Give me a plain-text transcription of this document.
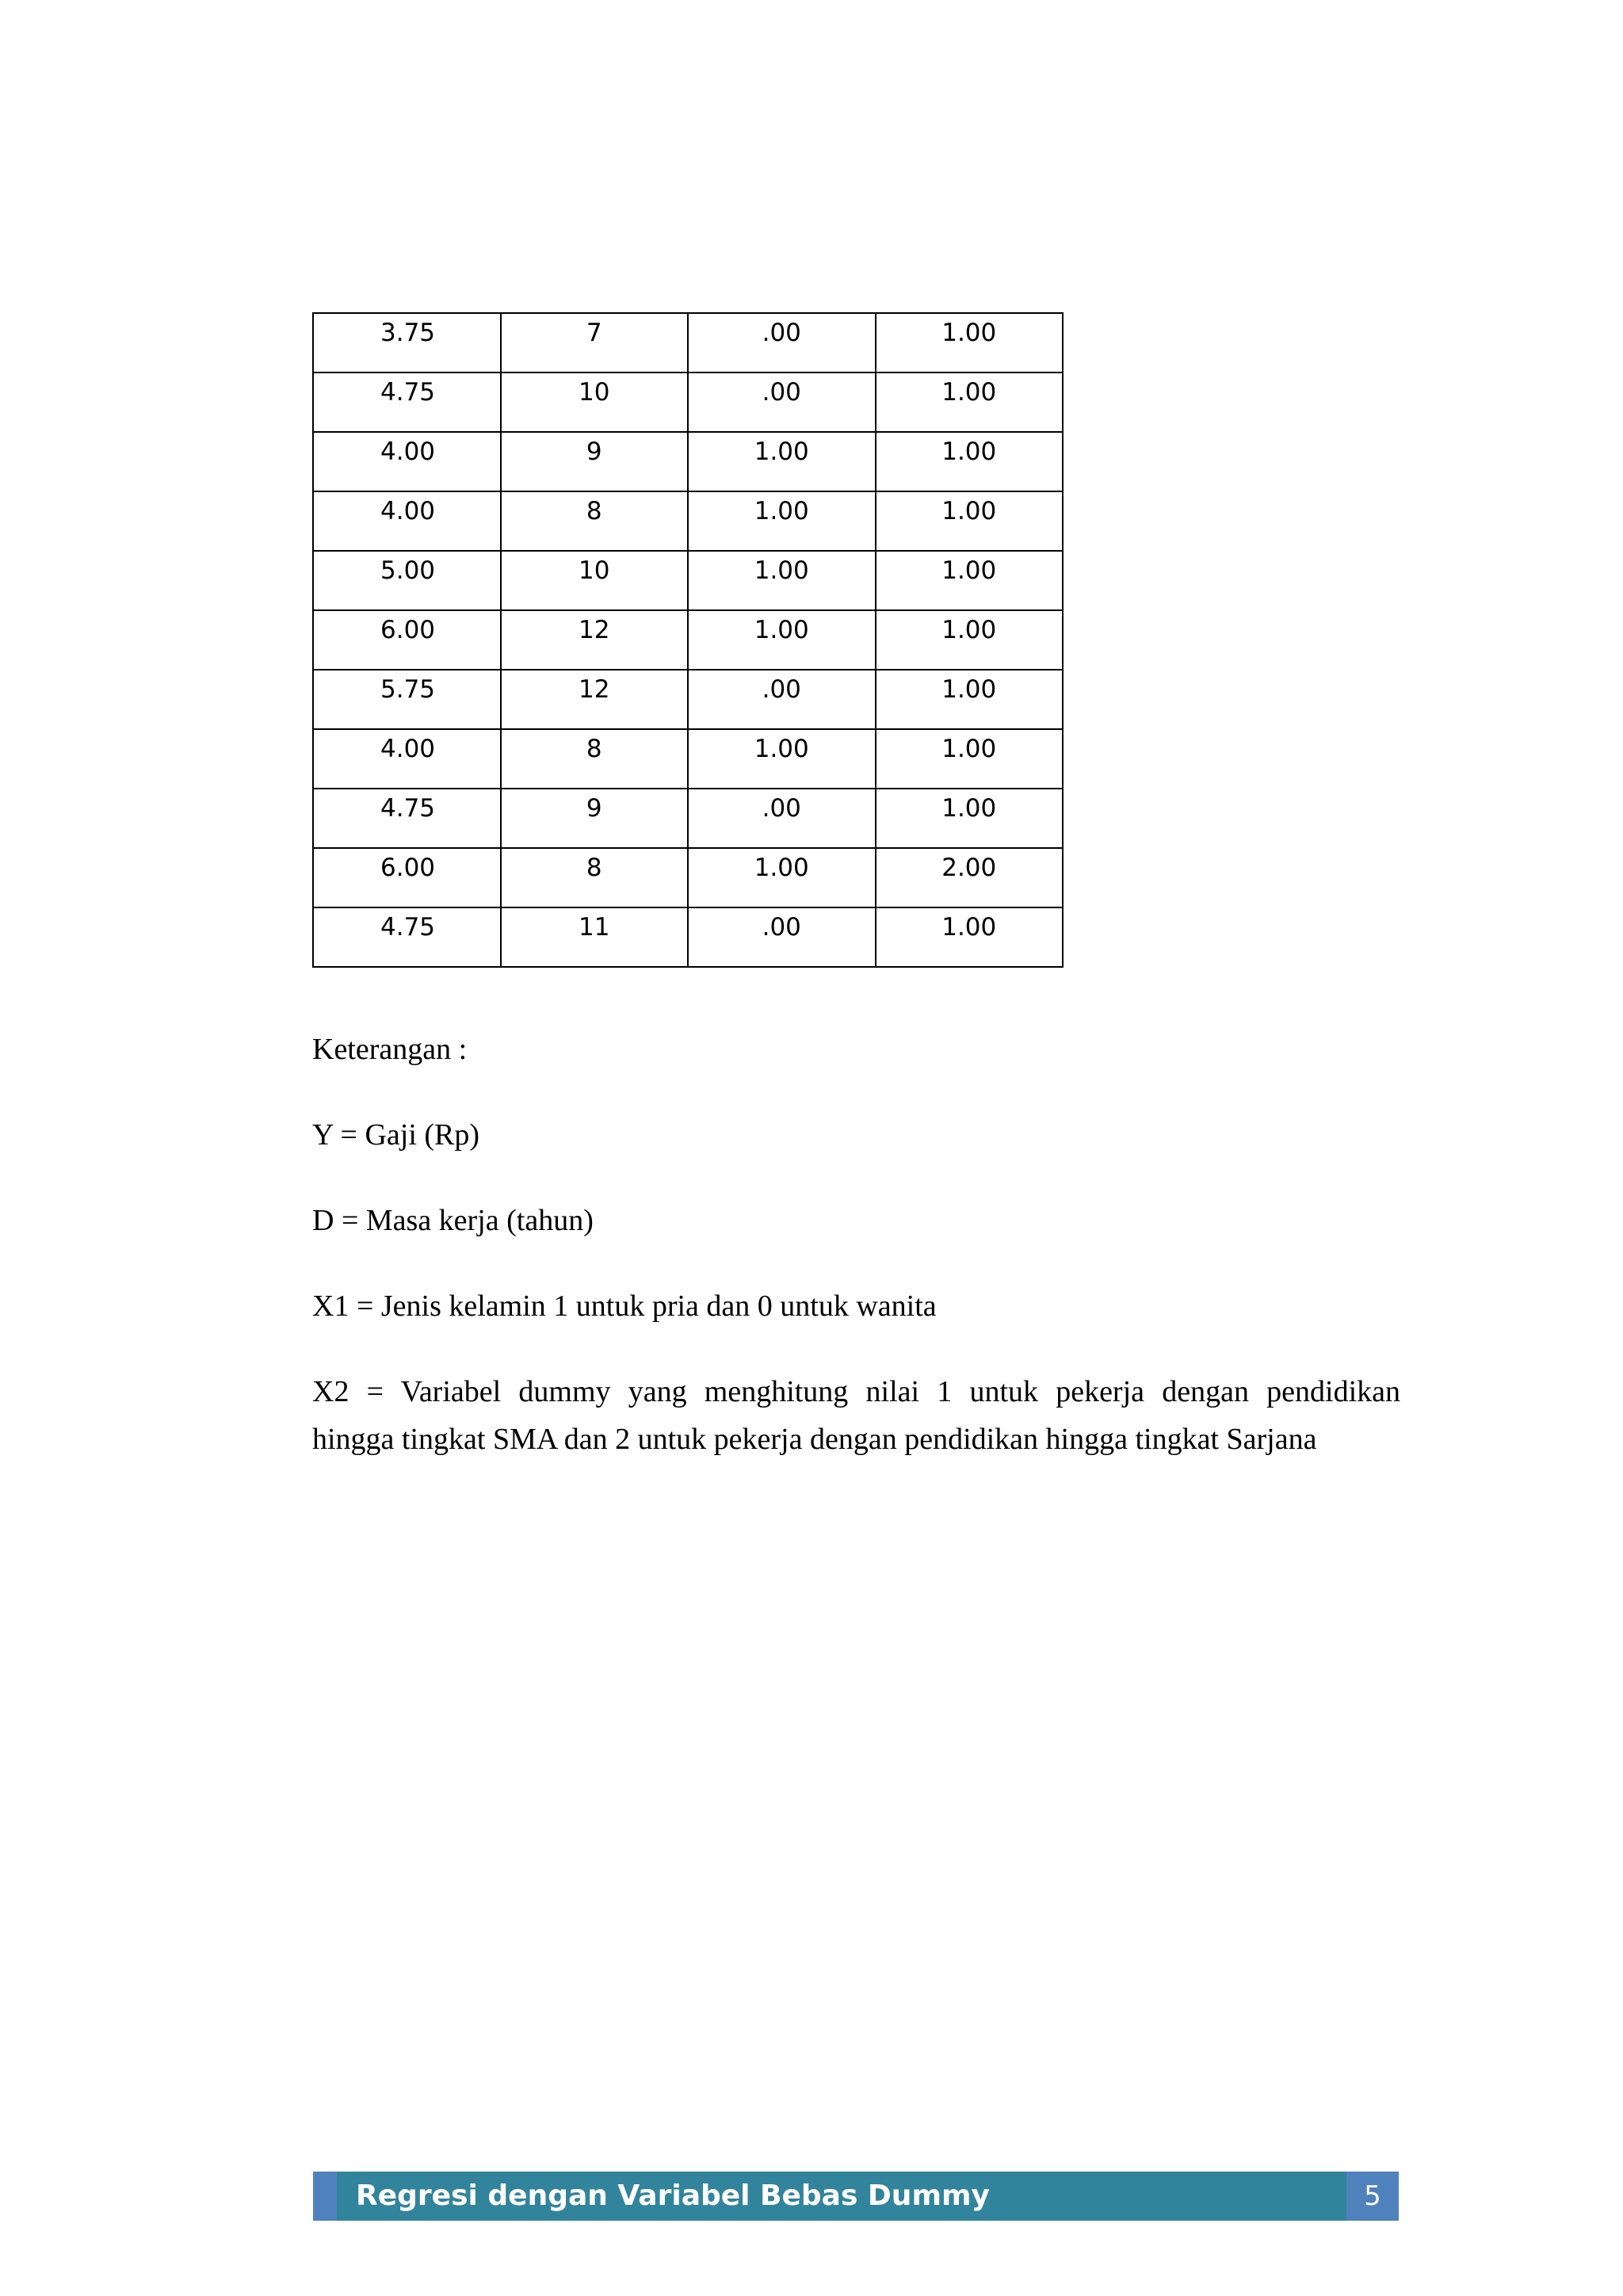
3.75	7	.00	1.00
4.75	10	.00	1.00
4.00	9	1.00	1.00
4.00	8	1.00	1.00
5.00	10	1.00	1.00
6.00	12	1.00	1.00
5.75	12	.00	1.00
4.00	8	1.00	1.00
4.75	9	.00	1.00
6.00	8	1.00	2.00
4.75	11	.00	1.00

Keterangan :

Y = Gaji (Rp)

D = Masa kerja (tahun)

X1 = Jenis kelamin 1 untuk pria dan 0 untuk wanita

X2 = Variabel dummy yang menghitung nilai 1 untuk pekerja dengan pendidikan

hingga tingkat SMA dan 2 untuk pekerja dengan pendidikan hingga tingkat Sarjana

Regresi dengan Variabel Bebas Dummy	5
